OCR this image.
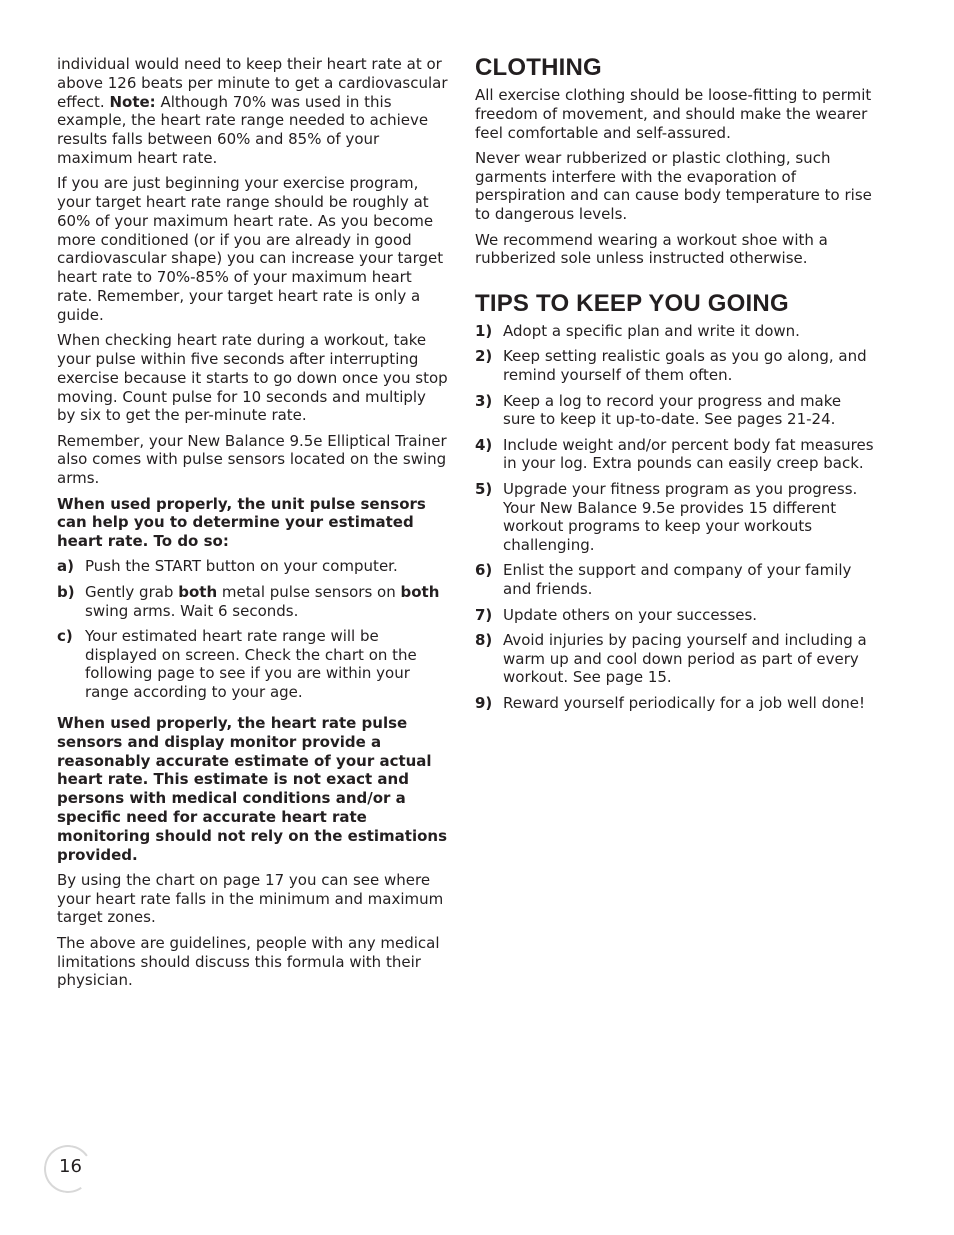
individual would need to keep their heart rate at or above 126 beats per minute to get a cardiovascular effect. Note: Although 70% was used in this example, the heart rate range needed to achieve results falls between 60% and 85% of your maximum heart rate.

If you are just beginning your exercise program, your target heart rate range should be roughly at 60% of your maximum heart rate. As you become more conditioned (or if you are already in good cardiovascular shape) you can increase your target heart rate to 70%-85% of your maximum heart rate. Remember, your target heart rate is only a guide.

When checking heart rate during a workout, take your pulse within five seconds after interrupting exercise because it starts to go down once you stop moving. Count pulse for 10 seconds and multiply by six to get the per-minute rate.

Remember, your New Balance 9.5e Elliptical Trainer also comes with pulse sensors located on the swing arms.

When used properly, the unit pulse sensors can help you to determine your estimated heart rate. To do so:

a) Push the START button on your computer.
b) Gently grab both metal pulse sensors on both swing arms. Wait 6 seconds.
c) Your estimated heart rate range will be displayed on screen. Check the chart on the following page to see if you are within your range according to your age.

When used properly, the heart rate pulse sensors and display monitor provide a reasonably accurate estimate of your actual heart rate. This estimate is not exact and persons with medical conditions and/or a specific need for accurate heart rate monitoring should not rely on the estimations provided.

By using the chart on page 17 you can see where your heart rate falls in the minimum and maximum target zones.

The above are guidelines, people with any medical limitations should discuss this formula with their physician.

CLOTHING

All exercise clothing should be loose-fitting to permit freedom of movement, and should make the wearer feel comfortable and self-assured.

Never wear rubberized or plastic clothing, such garments interfere with the evaporation of perspiration and can cause body temperature to rise to dangerous levels.

We recommend wearing a workout shoe with a rubberized sole unless instructed otherwise.

TIPS TO KEEP YOU GOING
1) Adopt a specific plan and write it down.
2) Keep setting realistic goals as you go along, and remind yourself of them often.
3) Keep a log to record your progress and make sure to keep it up-to-date. See pages 21-24.
4) Include weight and/or percent body fat measures in your log. Extra pounds can easily creep back.
5) Upgrade your fitness program as you progress. Your New Balance 9.5e provides 15 different workout programs to keep your workouts challenging.
6) Enlist the support and company of your family and friends.
7) Update others on your successes.
8) Avoid injuries by pacing yourself and including a warm up and cool down period as part of every workout. See page 15.
9) Reward yourself periodically for a job well done!
16
